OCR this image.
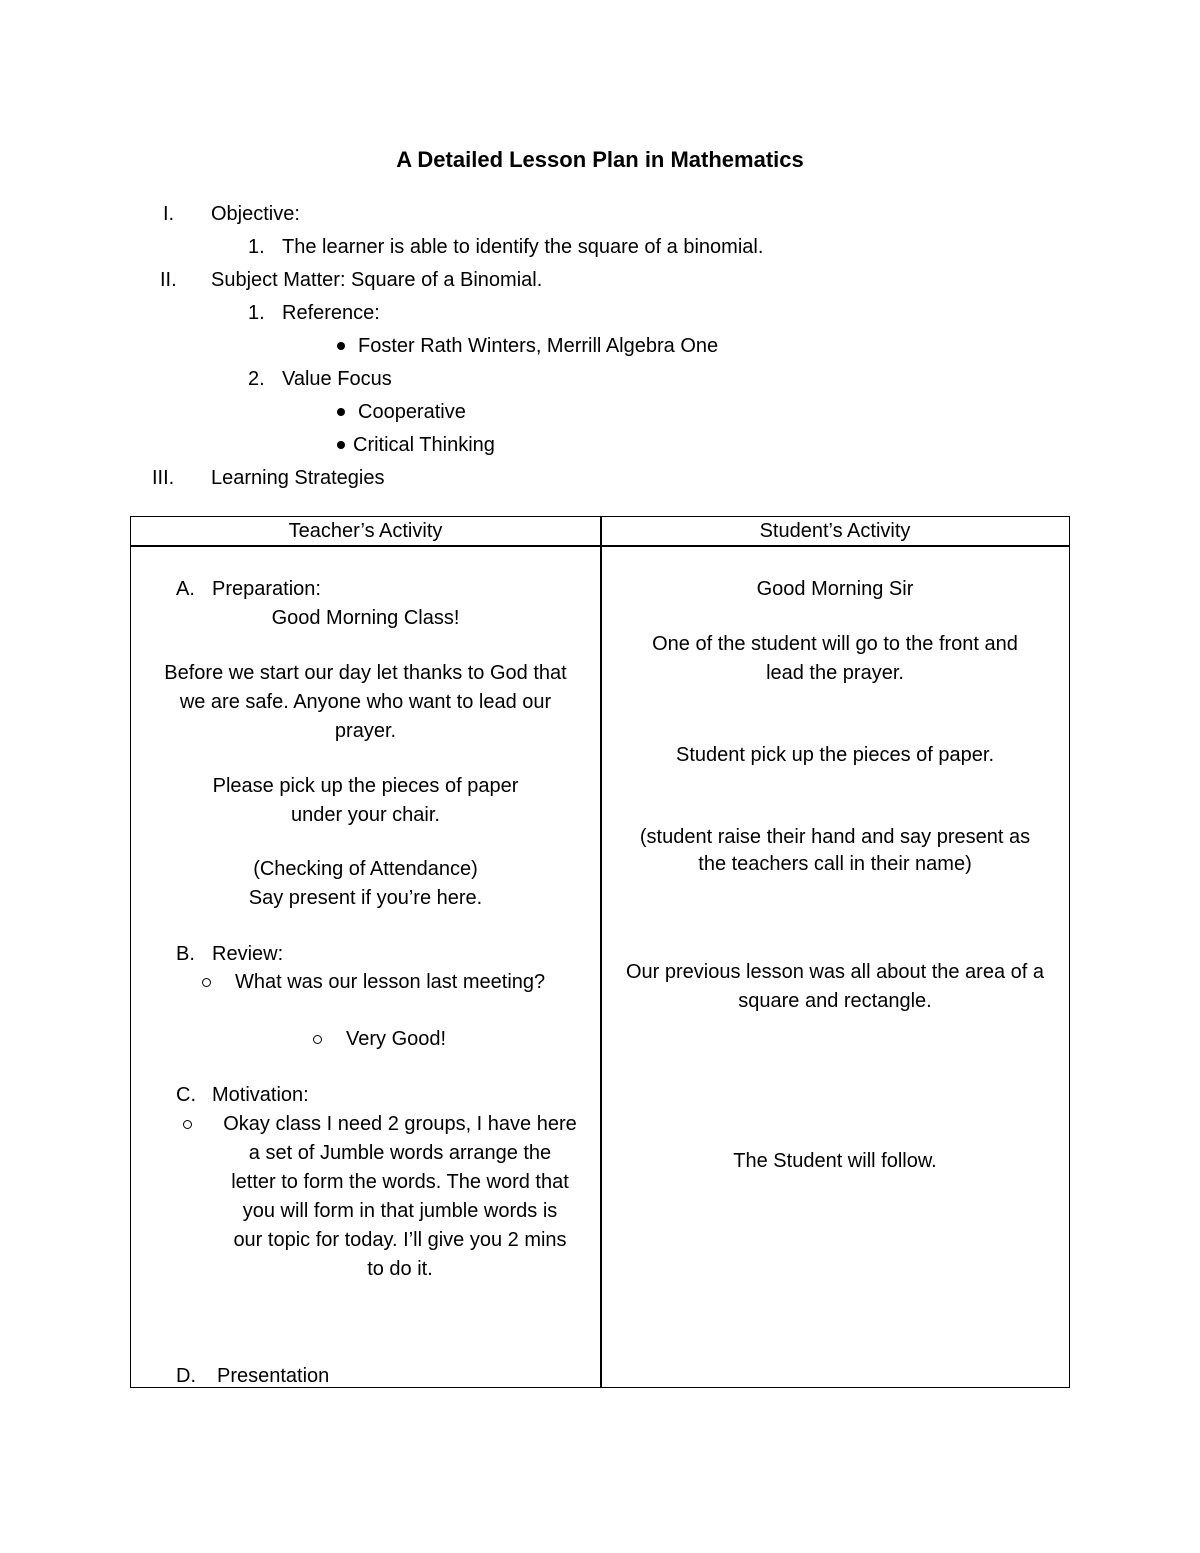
A Detailed Lesson Plan in Mathematics
I. Objective:
1. The learner is able to identify the square of a binomial.
II. Subject Matter: Square of a Binomial.
1. Reference:
Foster Rath Winters, Merrill Algebra One
2. Value Focus
Cooperative
Critical Thinking
III. Learning Strategies
Teacher’s Activity	Student’s Activity
A. Preparation:
Good Morning Class!
Before we start our day let thanks to God that
we are safe. Anyone who want to lead our
prayer.
Please pick up the pieces of paper
under your chair.
(Checking of Attendance)
Say present if you’re here.
B. Review:
What was our lesson last meeting?
Very Good!
C. Motivation:
Okay class I need 2 groups, I have here
a set of Jumble words arrange the
letter to form the words. The word that
you will form in that jumble words is
our topic for today. I’ll give you 2 mins
to do it.
D. Presentation
Good Morning Sir
One of the student will go to the front and
lead the prayer.
Student pick up the pieces of paper.
(student raise their hand and say present as
the teachers call in their name)
Our previous lesson was all about the area of a
square and rectangle.
The Student will follow.
